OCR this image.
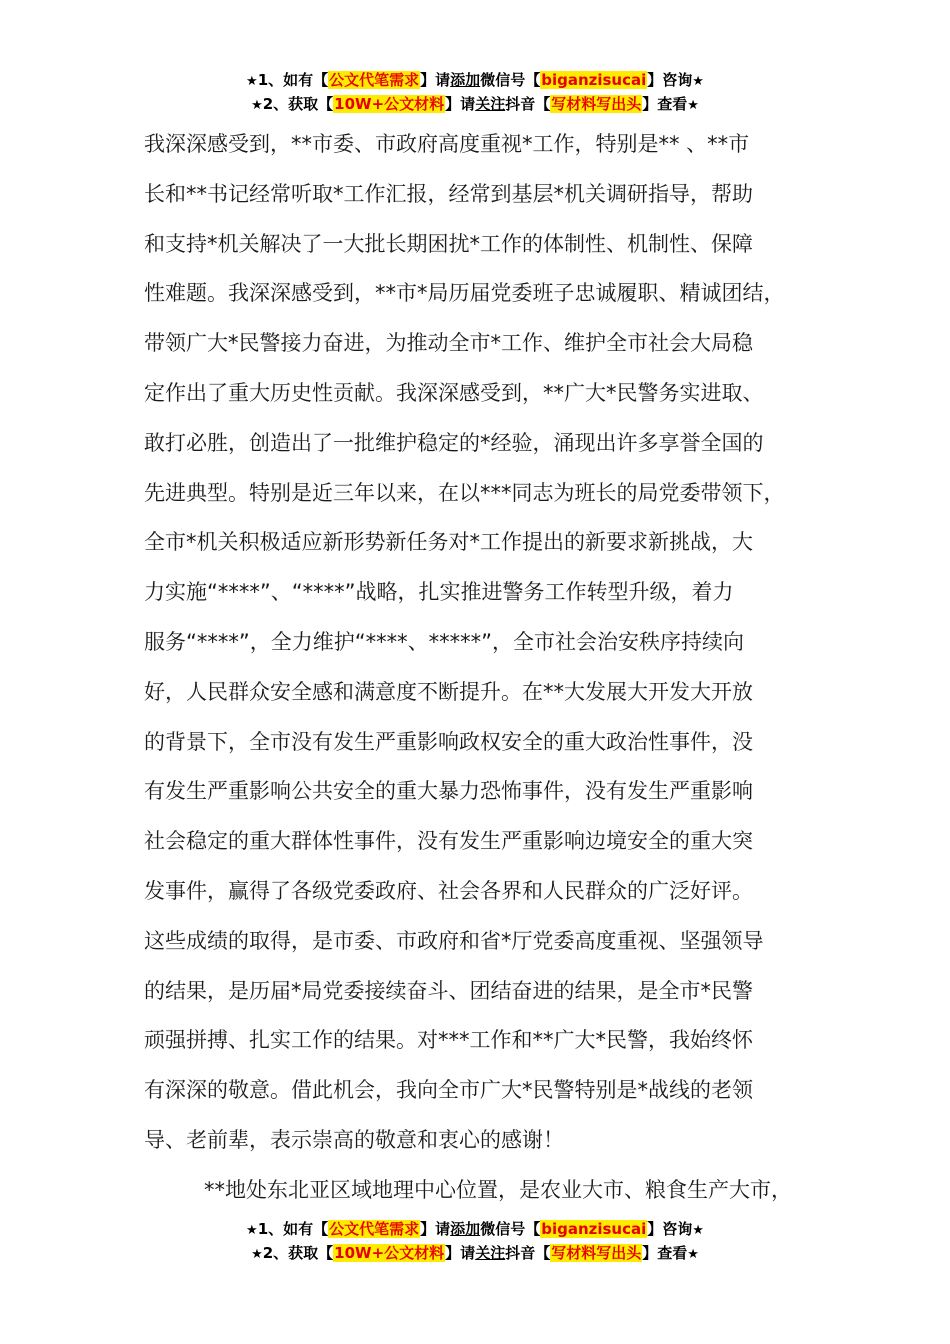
★1、如有【公文代笔需求】请添加微信号【biganzisucai】咨询★
★2、获取【10W+公文材料】请关注抖音【写材料写出头】查看★
我深深感受到，**市委、市政府高度重视*工作，特别是** 、**市
长和**书记经常听取*工作汇报，经常到基层*机关调研指导，帮助
和支持*机关解决了一大批长期困扰*工作的体制性、机制性、保障
性难题。我深深感受到，**市*局历届党委班子忠诚履职、精诚团结，
带领广大*民警接力奋进，为推动全市*工作、维护全市社会大局稳
定作出了重大历史性贡献。我深深感受到，**广大*民警务实进取、
敢打必胜，创造出了一批维护稳定的*经验，涌现出许多享誉全国的
先进典型。特别是近三年以来，在以***同志为班长的局党委带领下，
全市*机关积极适应新形势新任务对*工作提出的新要求新挑战，大
力实施“****”、“****”战略，扎实推进警务工作转型升级，着力
服务“****”，全力维护“****、*****”，全市社会治安秩序持续向
好，人民群众安全感和满意度不断提升。在**大发展大开发大开放
的背景下，全市没有发生严重影响政权安全的重大政治性事件，没
有发生严重影响公共安全的重大暴力恐怖事件，没有发生严重影响
社会稳定的重大群体性事件，没有发生严重影响边境安全的重大突
发事件，赢得了各级党委政府、社会各界和人民群众的广泛好评。
这些成绩的取得，是市委、市政府和省*厅党委高度重视、坚强领导
的结果，是历届*局党委接续奋斗、团结奋进的结果，是全市*民警
顽强拼搏、扎实工作的结果。对***工作和**广大*民警，我始终怀
有深深的敬意。借此机会，我向全市广大*民警特别是*战线的老领
导、老前辈，表示崇高的敬意和衷心的感谢！
**地处东北亚区域地理中心位置，是农业大市、粮食生产大市，
★1、如有【公文代笔需求】请添加微信号【biganzisucai】咨询★
★2、获取【10W+公文材料】请关注抖音【写材料写出头】查看★
